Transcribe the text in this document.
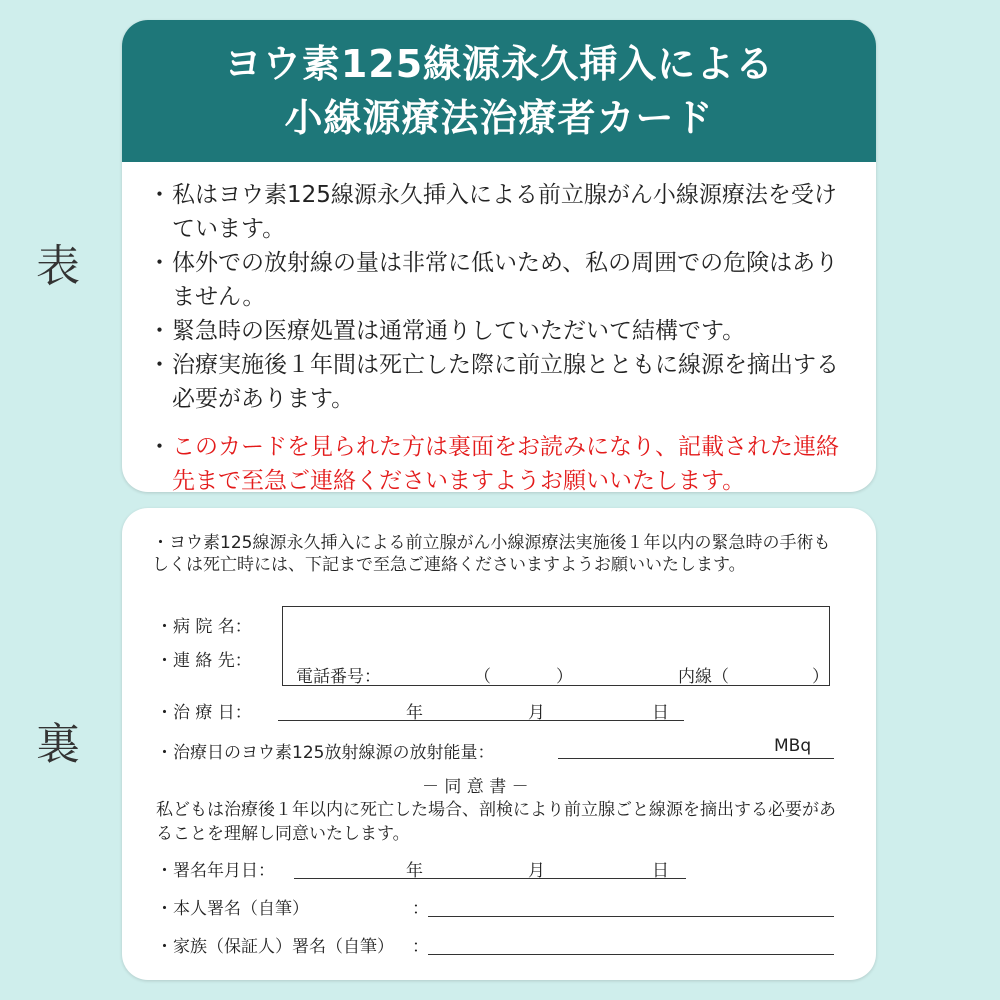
表
裏
ヨウ素125線源永久挿入による
小線源療法治療者カード
・ 私はヨウ素125線源永久挿入による前立腺がん小線源療法を受けています。
・ 体外での放射線の量は非常に低いため、私の周囲での危険はありません。
・ 緊急時の医療処置は通常通りしていただいて結構です。
・ 治療実施後１年間は死亡した際に前立腺とともに線源を摘出する必要があります。
・ このカードを見られた方は裏面をお読みになり、記載された連絡先まで至急ご連絡くださいますようお願いいたします。
・ヨウ素125線源永久挿入による前立腺がん小線源療法実施後１年以内の緊急時の手術もしくは死亡時には、下記まで至急ご連絡くださいますようお願いいたします。
・病 院 名：
・連 絡 先：
電話番号：	（	）	内線（	）
・治 療 日：	年	月	日
・治療日のヨウ素125放射線源の放射能量：	MBq
－ 同 意 書 －
私どもは治療後１年以内に死亡した場合、剖検により前立腺ごと線源を摘出する必要があることを理解し同意いたします。
・署名年月日：	年	月	日
・本人署名（自筆）	：
・家族（保証人）署名（自筆） ：
